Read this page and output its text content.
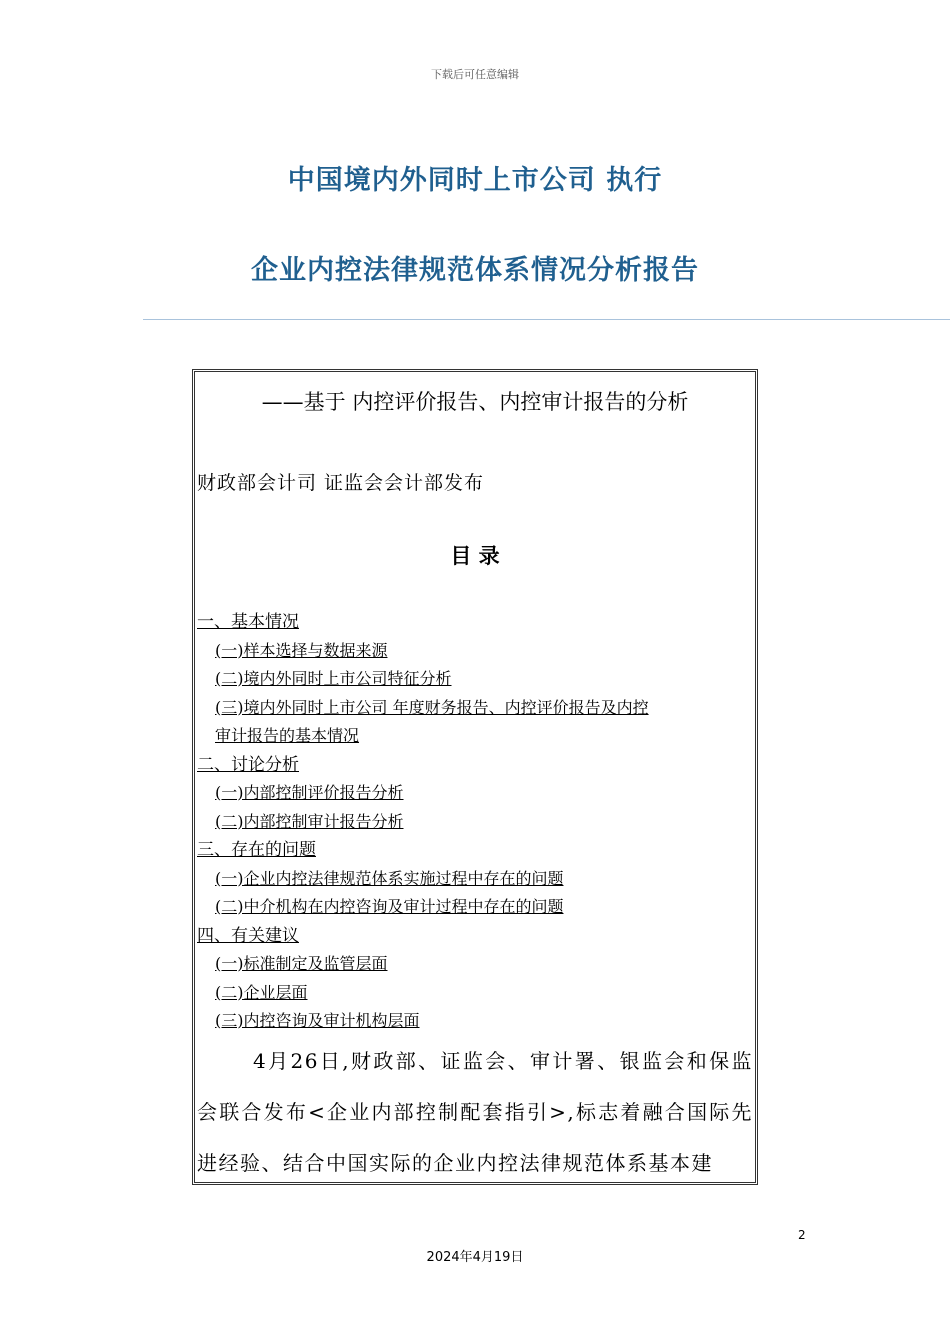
下载后可任意编辑
中国境内外同时上市公司 执行
企业内控法律规范体系情况分析报告
——基于 内控评价报告、内控审计报告的分析
财政部会计司 证监会会计部发布
目 录
一、基本情况
(一)样本选择与数据来源
(二)境内外同时上市公司特征分析
(三)境内外同时上市公司 年度财务报告、内控评价报告及内控
审计报告的基本情况
二、讨论分析
(一)内部控制评价报告分析
(二)内部控制审计报告分析
三、存在的问题
(一)企业内控法律规范体系实施过程中存在的问题
(二)中介机构在内控咨询及审计过程中存在的问题
四、有关建议
(一)标准制定及监管层面
(二)企业层面
(三)内控咨询及审计机构层面
4月26日,财政部、证监会、审计署、银监会和保监会联合发布<企业内部控制配套指引>,标志着融合国际先进经验、结合中国实际的企业内控法律规范体系基本建
2
2024年4月19日
